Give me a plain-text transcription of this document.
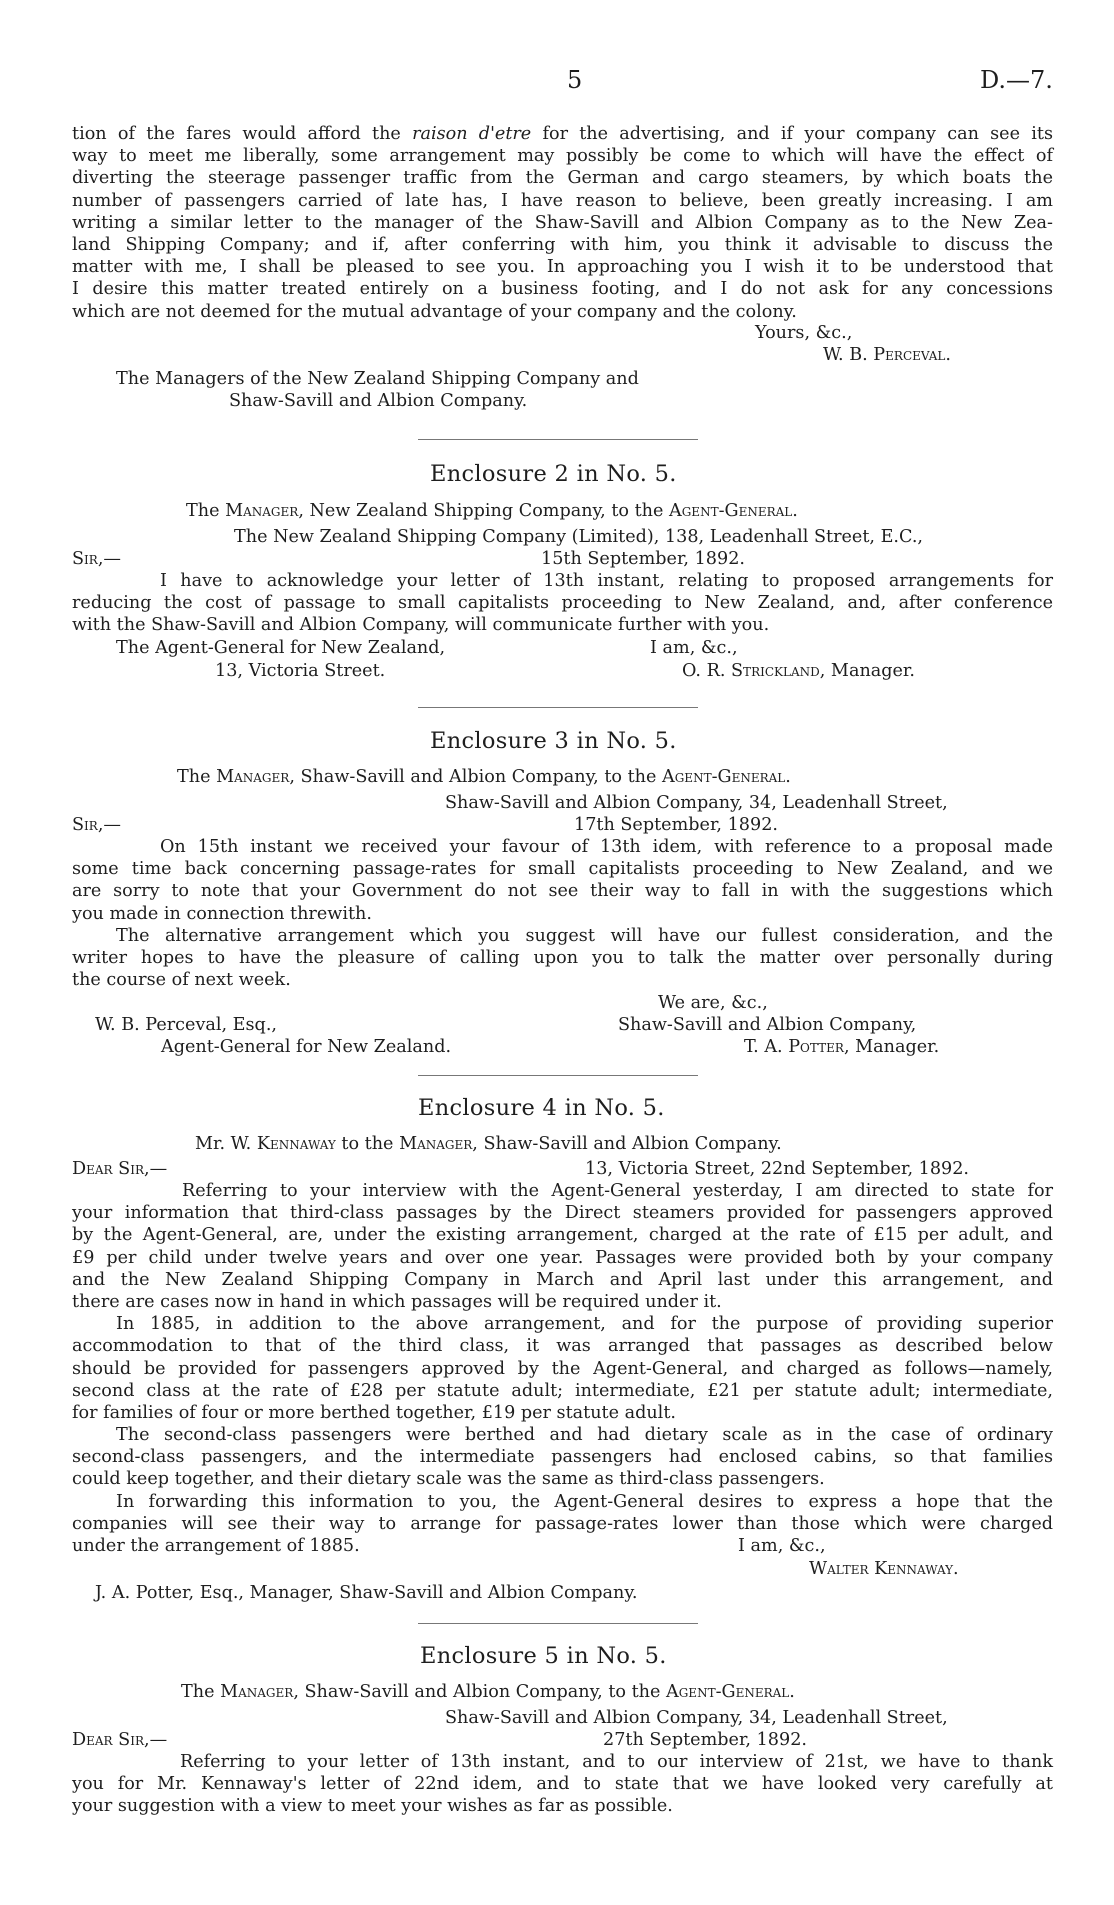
5	D.—7.
tion of the fares would afford the raison d'etre for the advertising, and if your company can see its
way to meet me liberally, some arrangement may possibly be come to which will have the effect of
diverting the steerage passenger traffic from the German and cargo steamers, by which boats the
number of passengers carried of late has, I have reason to believe, been greatly increasing. I am
writing a similar letter to the manager of the Shaw-Savill and Albion Company as to the New Zea-
land Shipping Company; and if, after conferring with him, you think it advisable to discuss the
matter with me, I shall be pleased to see you. In approaching you I wish it to be understood that
I desire this matter treated entirely on a business footing, and I do not ask for any concessions
which are not deemed for the mutual advantage of your company and the colony.
Yours, &c.,
W. B. Perceval.
The Managers of the New Zealand Shipping Company and
Shaw-Savill and Albion Company.
Enclosure 2 in No. 5.
The Manager, New Zealand Shipping Company, to the Agent-General.
The New Zealand Shipping Company (Limited), 138, Leadenhall Street, E.C.,
Sir,—	15th September, 1892.
I have to acknowledge your letter of 13th instant, relating to proposed arrangements for
reducing the cost of passage to small capitalists proceeding to New Zealand, and, after conference
with the Shaw-Savill and Albion Company, will communicate further with you.
The Agent-General for New Zealand,	I am, &c.,
13, Victoria Street.	O. R. Strickland, Manager.
Enclosure 3 in No. 5.
The Manager, Shaw-Savill and Albion Company, to the Agent-General.
Shaw-Savill and Albion Company, 34, Leadenhall Street,
Sir,—	17th September, 1892.
On 15th instant we received your favour of 13th idem, with reference to a proposal made
some time back concerning passage-rates for small capitalists proceeding to New Zealand, and we
are sorry to note that your Government do not see their way to fall in with the suggestions which
you made in connection threwith.
The alternative arrangement which you suggest will have our fullest consideration, and the
writer hopes to have the pleasure of calling upon you to talk the matter over personally during
the course of next week.
We are, &c.,
W. B. Perceval, Esq.,	Shaw-Savill and Albion Company,
Agent-General for New Zealand.	T. A. Potter, Manager.
Enclosure 4 in No. 5.
Mr. W. Kennaway to the Manager, Shaw-Savill and Albion Company.
Dear Sir,—	13, Victoria Street, 22nd September, 1892.
Referring to your interview with the Agent-General yesterday, I am directed to state for
your information that third-class passages by the Direct steamers provided for passengers approved
by the Agent-General, are, under the existing arrangement, charged at the rate of £15 per adult, and
£9 per child under twelve years and over one year. Passages were provided both by your company
and the New Zealand Shipping Company in March and April last under this arrangement, and
there are cases now in hand in which passages will be required under it.
In 1885, in addition to the above arrangement, and for the purpose of providing superior
accommodation to that of the third class, it was arranged that passages as described below
should be provided for passengers approved by the Agent-General, and charged as follows—namely,
second class at the rate of £28 per statute adult; intermediate, £21 per statute adult; intermediate,
for families of four or more berthed together, £19 per statute adult.
The second-class passengers were berthed and had dietary scale as in the case of ordinary
second-class passengers, and the intermediate passengers had enclosed cabins, so that families
could keep together, and their dietary scale was the same as third-class passengers.
In forwarding this information to you, the Agent-General desires to express a hope that the
companies will see their way to arrange for passage-rates lower than those which were charged
under the arrangement of 1885.	I am, &c.,
Walter Kennaway.
J. A. Potter, Esq., Manager, Shaw-Savill and Albion Company.
Enclosure 5 in No. 5.
The Manager, Shaw-Savill and Albion Company, to the Agent-General.
Shaw-Savill and Albion Company, 34, Leadenhall Street,
Dear Sir,—	27th September, 1892.
Referring to your letter of 13th instant, and to our interview of 21st, we have to thank
you for Mr. Kennaway's letter of 22nd idem, and to state that we have looked very carefully at
your suggestion with a view to meet your wishes as far as possible.
